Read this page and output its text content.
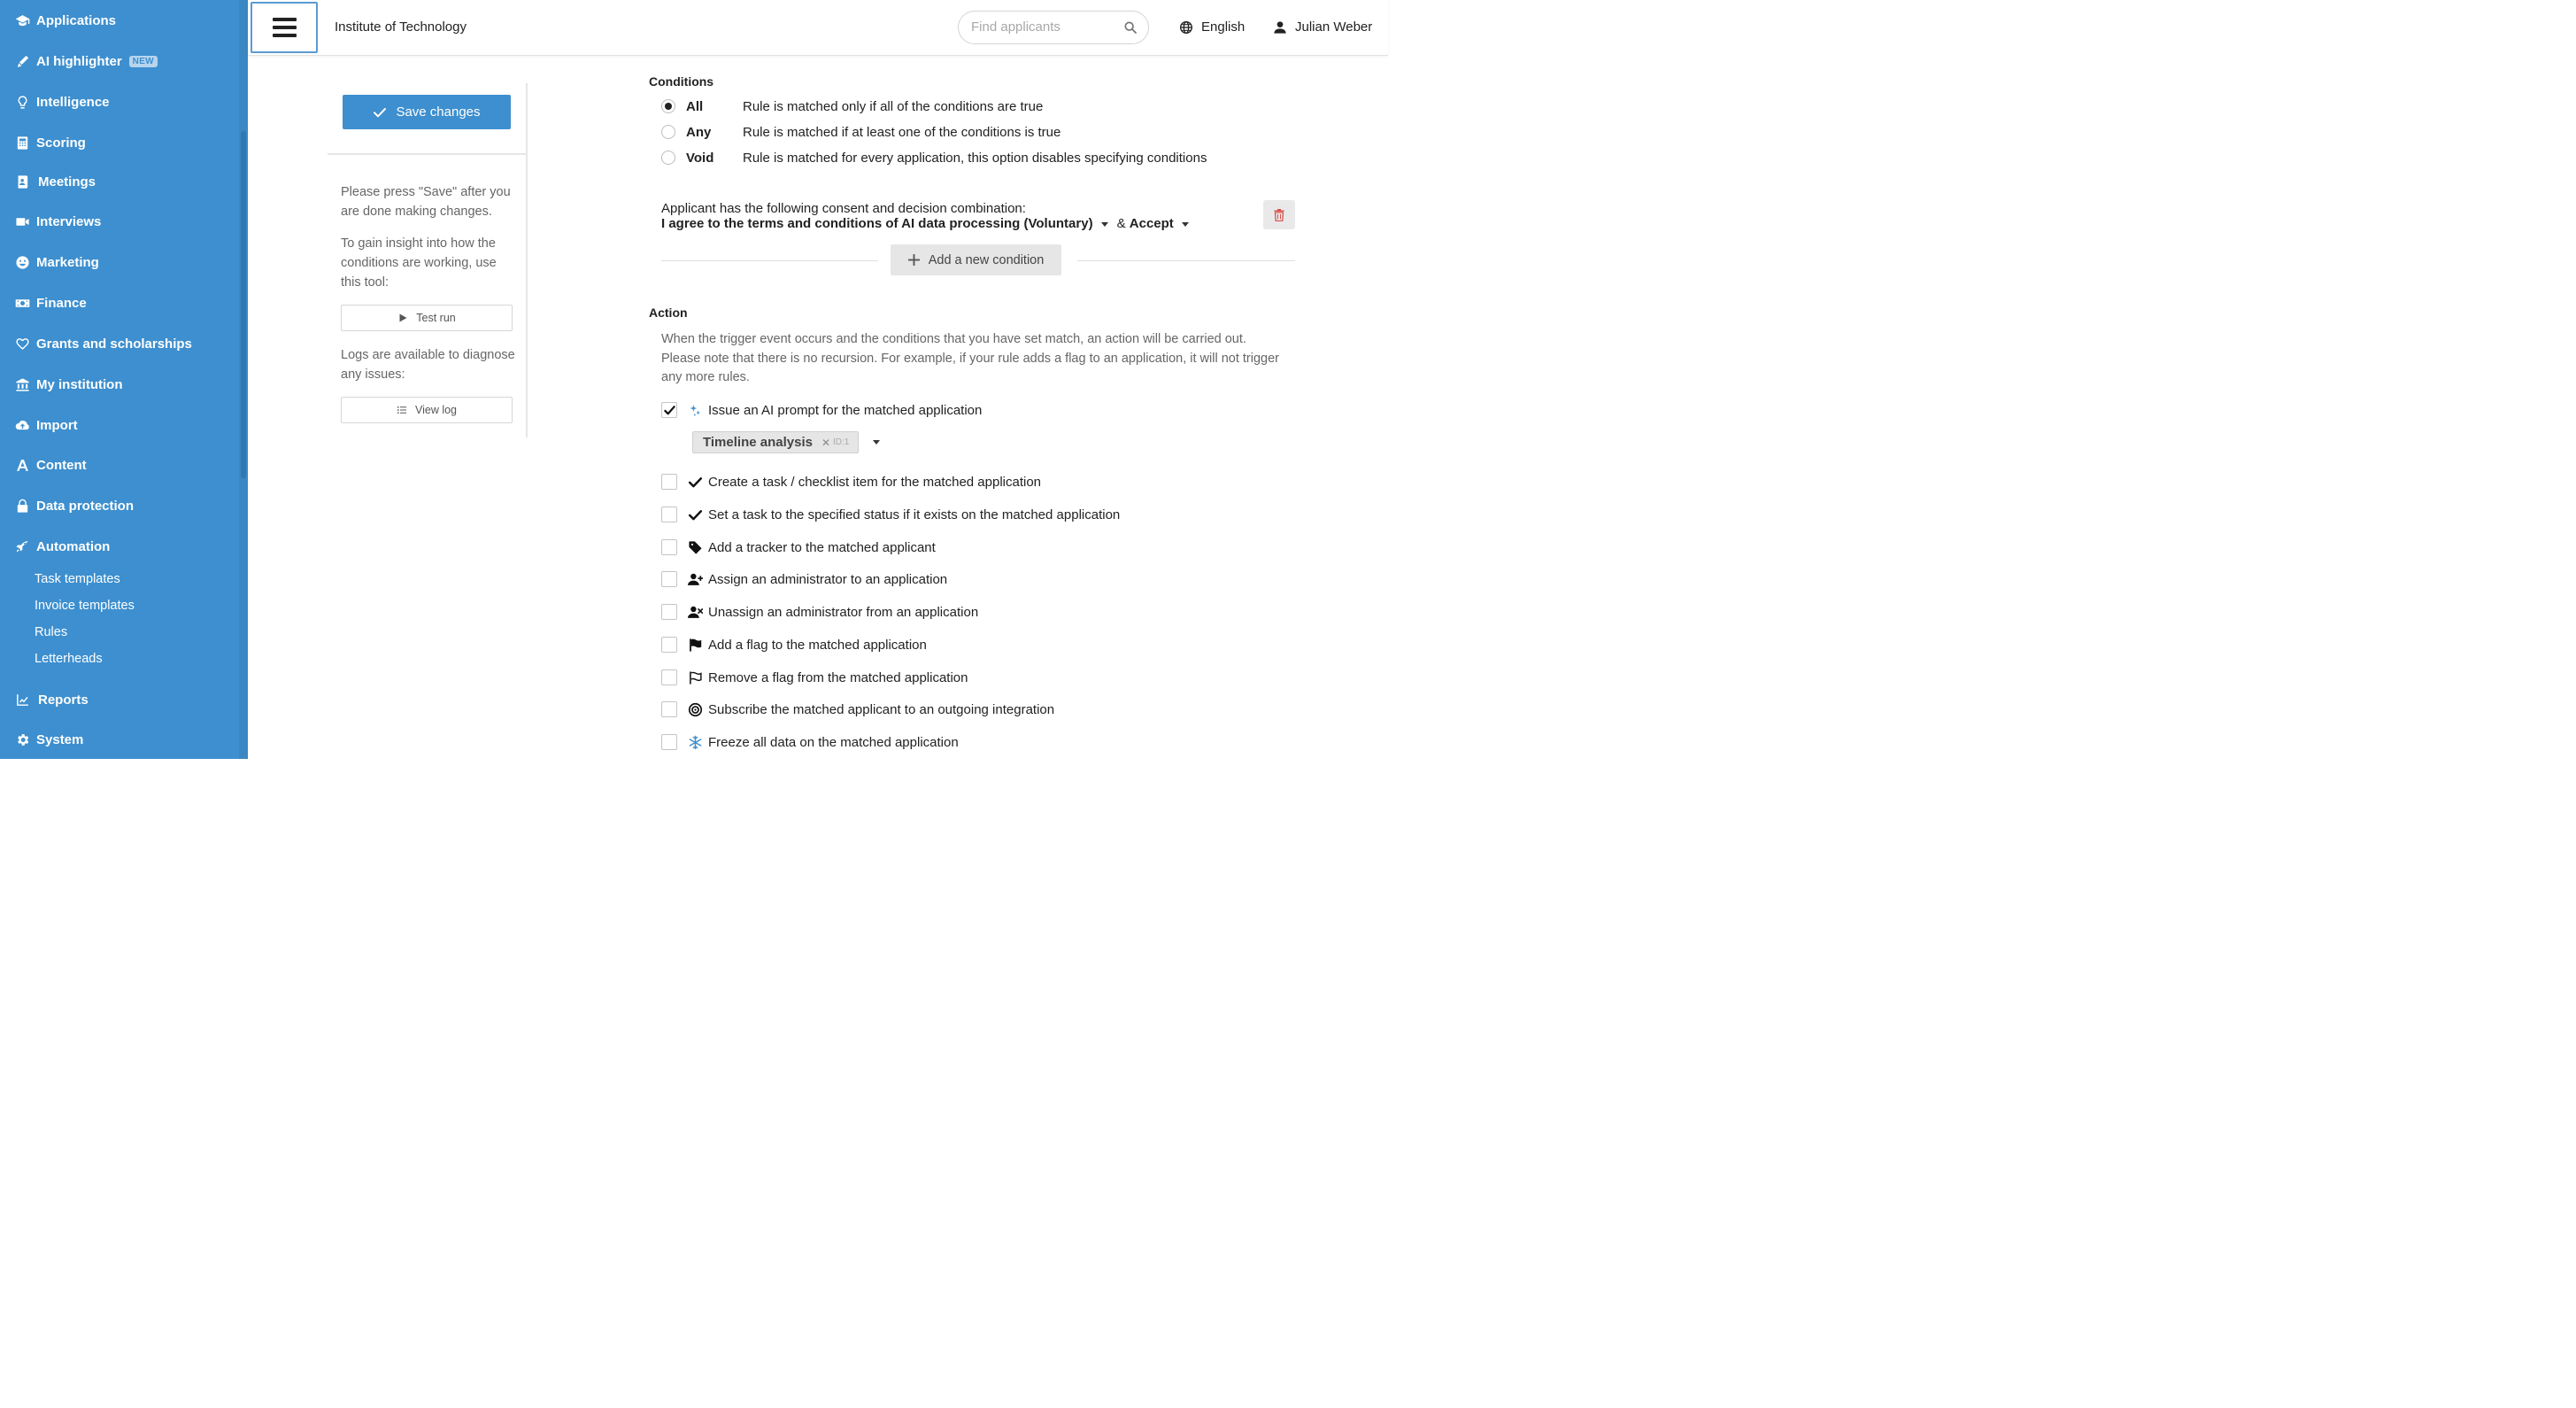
Applications
AI highlighter	NEW
Intelligence
Scoring
Meetings
Interviews
Marketing
Finance
Grants and scholarships
My institution
Import
Content
Data protection
Automation
Task templates
Invoice templates
Rules
Letterheads
Reports
System
Institute of Technology
Find applicants	English	Julian Weber
Save changes

Please press "Save" after you are done making changes.

To gain insight into how the conditions are working, use this tool:

Test run

Logs are available to diagnose any issues:

View log
Conditions
All	Rule is matched only if all of the conditions are true
Any	Rule is matched if at least one of the conditions is true
Void	Rule is matched for every application, this option disables specifying conditions
Applicant has the following consent and decision combination:
I agree to the terms and conditions of AI data processing (Voluntary) & Accept
Add a new condition
Action

When the trigger event occurs and the conditions that you have set match, an action will be carried out. Please note that there is no recursion. For example, if your rule adds a flag to an application, it will not trigger any more rules.

Issue an AI prompt for the matched application
Timeline analysis ✕ ID:1
Create a task / checklist item for the matched application
Set a task to the specified status if it exists on the matched application
Add a tracker to the matched applicant
Assign an administrator to an application
Unassign an administrator from an application
Add a flag to the matched application
Remove a flag from the matched application
Subscribe the matched applicant to an outgoing integration
Freeze all data on the matched application
